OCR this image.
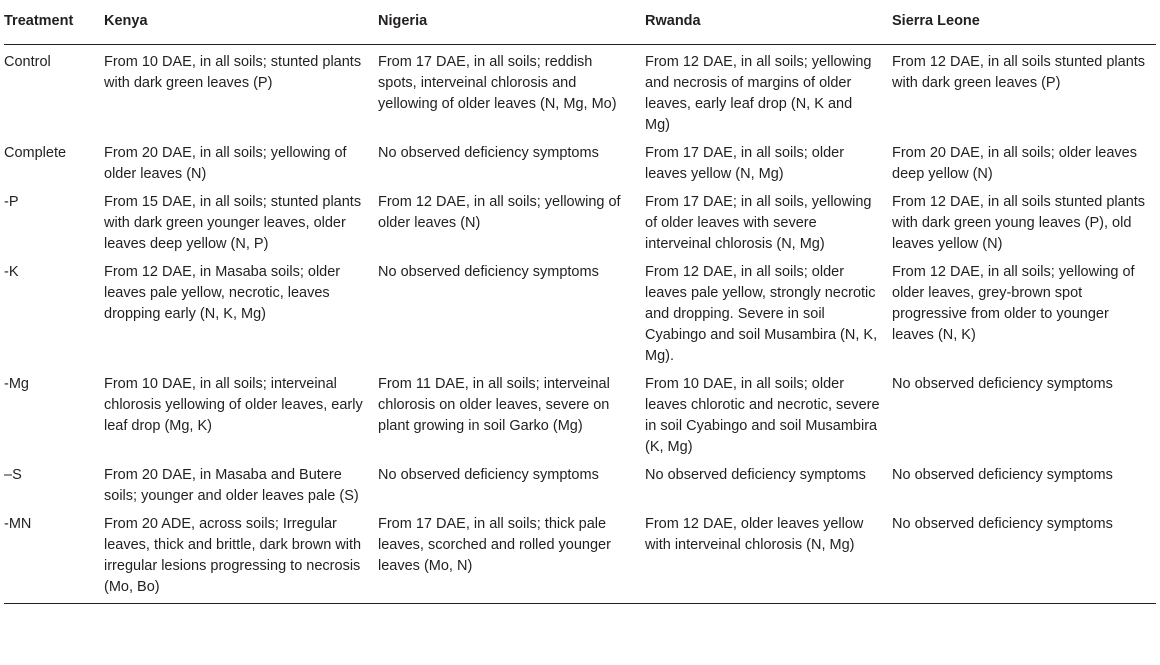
Treatment	Kenya	Nigeria	Rwanda	Sierra Leone
Control	From 10 DAE, in all soils; stunted plants with dark green leaves (P)	From 17 DAE, in all soils; reddish spots, interveinal chlorosis and yellowing of older leaves (N, Mg, Mo)	From 12 DAE, in all soils; yellowing and necrosis of margins of older leaves, early leaf drop (N, K and Mg)	From 12 DAE, in all soils stunted plants with dark green leaves (P)
Complete	From 20 DAE, in all soils; yellowing of older leaves (N)	No observed deficiency symptoms	From 17 DAE, in all soils; older leaves yellow (N, Mg)	From 20 DAE, in all soils; older leaves deep yellow (N)
-P	From 15 DAE, in all soils; stunted plants with dark green younger leaves, older leaves deep yellow (N, P)	From 12 DAE, in all soils; yellowing of older leaves (N)	From 17 DAE; in all soils, yellowing of older leaves with severe interveinal chlorosis (N, Mg)	From 12 DAE, in all soils stunted plants with dark green young leaves (P), old leaves yellow (N)
-K	From 12 DAE, in Masaba soils; older leaves pale yellow, necrotic, leaves dropping early (N, K, Mg)	No observed deficiency symptoms	From 12 DAE, in all soils; older leaves pale yellow, strongly necrotic and dropping. Severe in soil Cyabingo and soil Musambira (N, K, Mg).	From 12 DAE, in all soils; yellowing of older leaves, grey-brown spot progressive from older to younger leaves (N, K)
-Mg	From 10 DAE, in all soils; interveinal chlorosis yellowing of older leaves, early leaf drop (Mg, K)	From 11 DAE, in all soils; interveinal chlorosis on older leaves, severe on plant growing in soil Garko (Mg)	From 10 DAE, in all soils; older leaves chlorotic and necrotic, severe in soil Cyabingo and soil Musambira (K, Mg)	No observed deficiency symptoms
–S	From 20 DAE, in Masaba and Butere soils; younger and older leaves pale (S)	No observed deficiency symptoms	No observed deficiency symptoms	No observed deficiency symptoms
-MN	From 20 ADE, across soils; Irregular leaves, thick and brittle, dark brown with irregular lesions progressing to necrosis (Mo, Bo)	From 17 DAE, in all soils; thick pale leaves, scorched and rolled younger leaves (Mo, N)	From 12 DAE, older leaves yellow with interveinal chlorosis (N, Mg)	No observed deficiency symptoms
